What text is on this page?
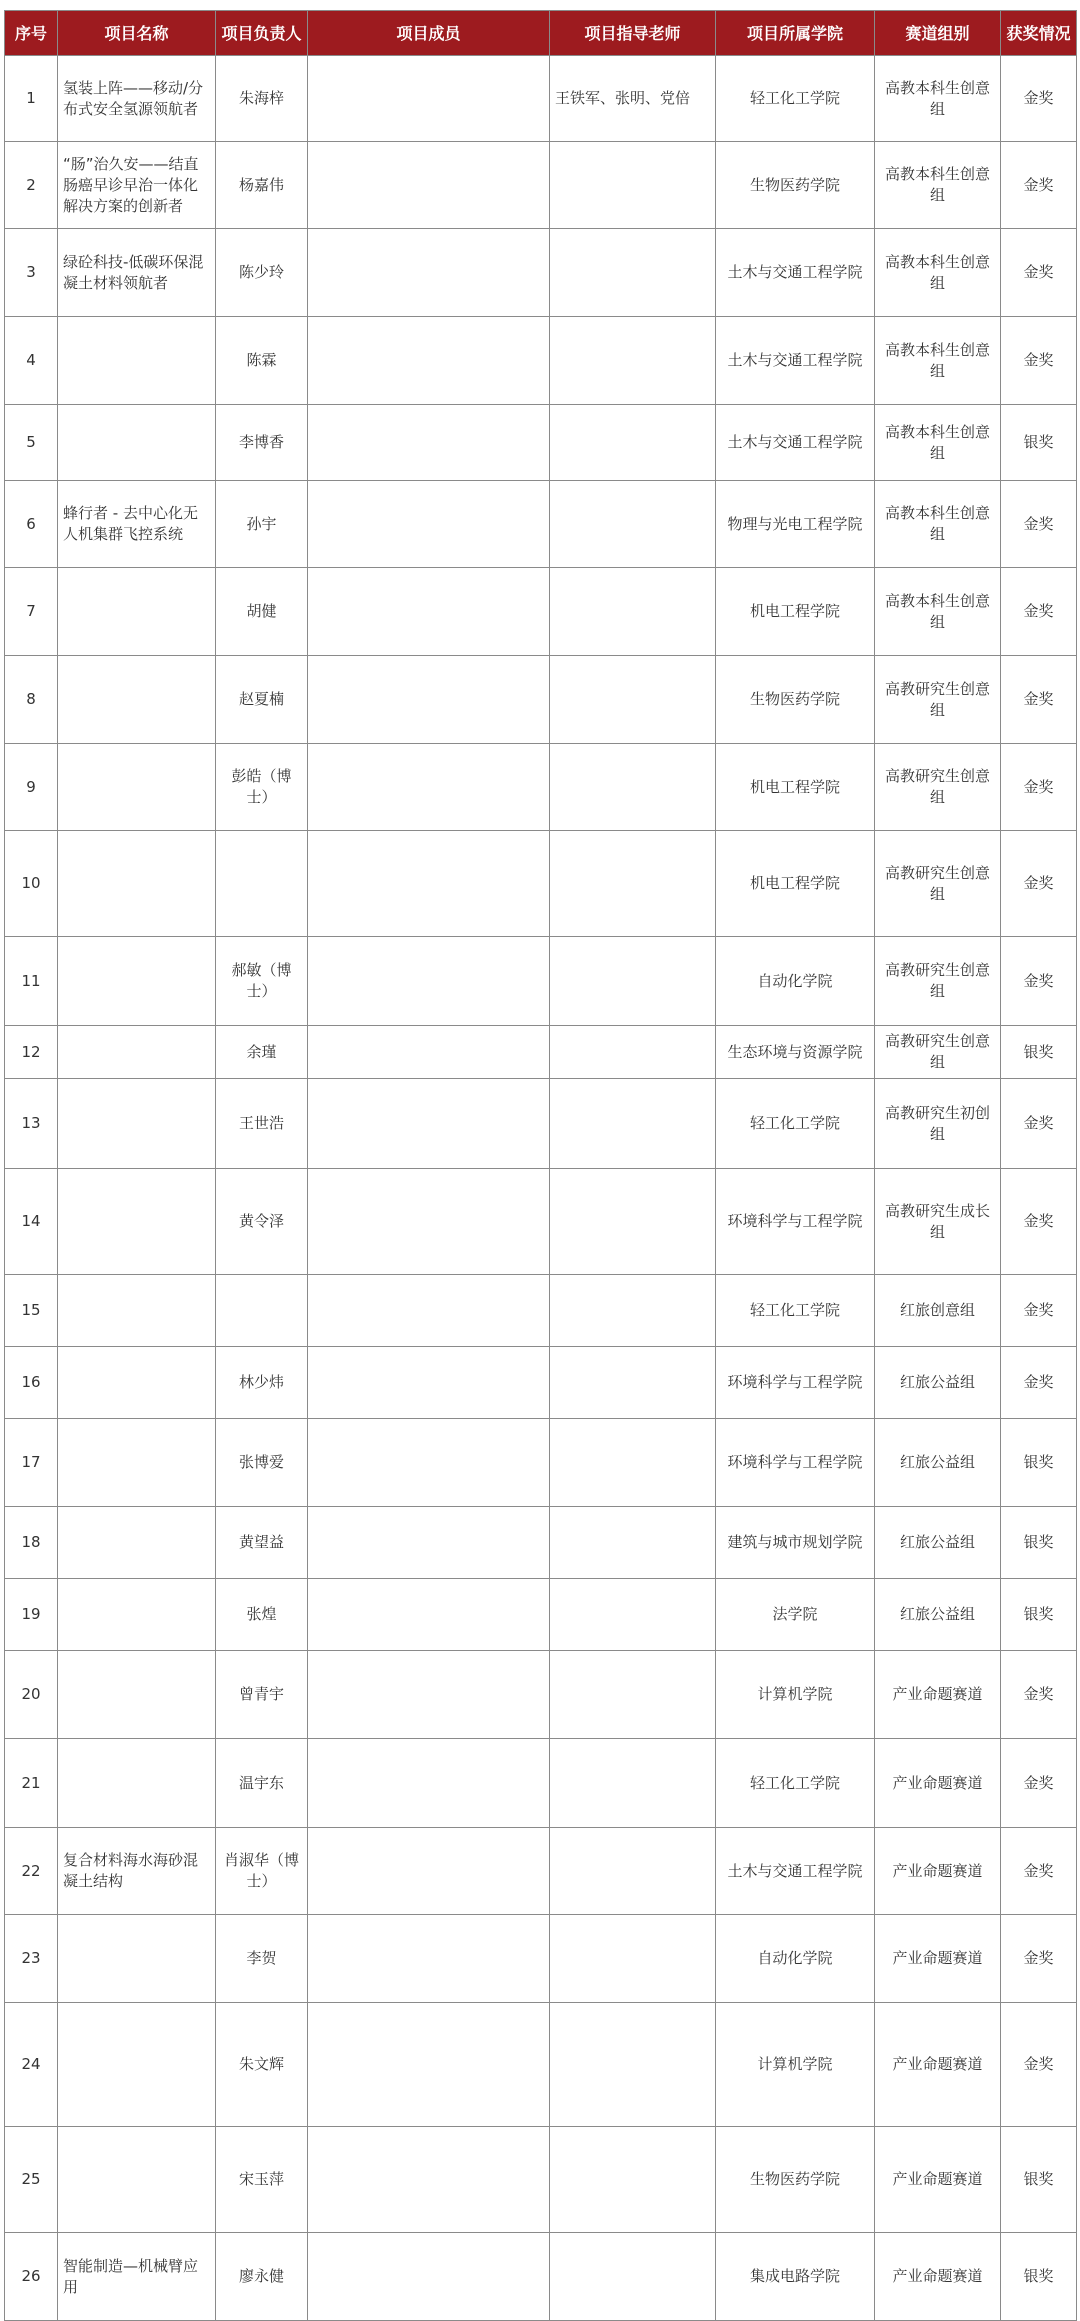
序号	项目名称	项目负责人	项目成员	项目指导老师	项目所属学院	赛道组别	获奖情况
1	氢装上阵——移动/分布式安全氢源领航者	朱海梓		王铁军、张明、党倍	轻工化工学院	高教本科生创意组	金奖
2	“肠”治久安——结直肠癌早诊早治一体化解决方案的创新者	杨嘉伟			生物医药学院	高教本科生创意组	金奖
3	绿砼科技-低碳环保混凝土材料领航者	陈少玲			土木与交通工程学院	高教本科生创意组	金奖
4		陈霖			土木与交通工程学院	高教本科生创意组	金奖
5		李博香			土木与交通工程学院	高教本科生创意组	银奖
6	蜂行者 - 去中心化无人机集群飞控系统	孙宇			物理与光电工程学院	高教本科生创意组	金奖
7		胡健			机电工程学院	高教本科生创意组	金奖
8		赵夏楠			生物医药学院	高教研究生创意组	金奖
9		彭皓（博士）			机电工程学院	高教研究生创意组	金奖
10					机电工程学院	高教研究生创意组	金奖
11		郝敏（博士）			自动化学院	高教研究生创意组	金奖
12		余瑾			生态环境与资源学院	高教研究生创意组	银奖
13		王世浩			轻工化工学院	高教研究生初创组	金奖
14		黄令泽			环境科学与工程学院	高教研究生成长组	金奖
15					轻工化工学院	红旅创意组	金奖
16		林少炜			环境科学与工程学院	红旅公益组	金奖
17		张博爱			环境科学与工程学院	红旅公益组	银奖
18		黄望益			建筑与城市规划学院	红旅公益组	银奖
19		张煌			法学院	红旅公益组	银奖
20		曾青宇			计算机学院	产业命题赛道	金奖
21		温宇东			轻工化工学院	产业命题赛道	金奖
22	复合材料海水海砂混凝土结构	肖淑华（博士）			土木与交通工程学院	产业命题赛道	金奖
23		李贺			自动化学院	产业命题赛道	金奖
24		朱文辉			计算机学院	产业命题赛道	金奖
25		宋玉萍			生物医药学院	产业命题赛道	银奖
26	智能制造—机械臂应用	廖永健			集成电路学院	产业命题赛道	银奖
